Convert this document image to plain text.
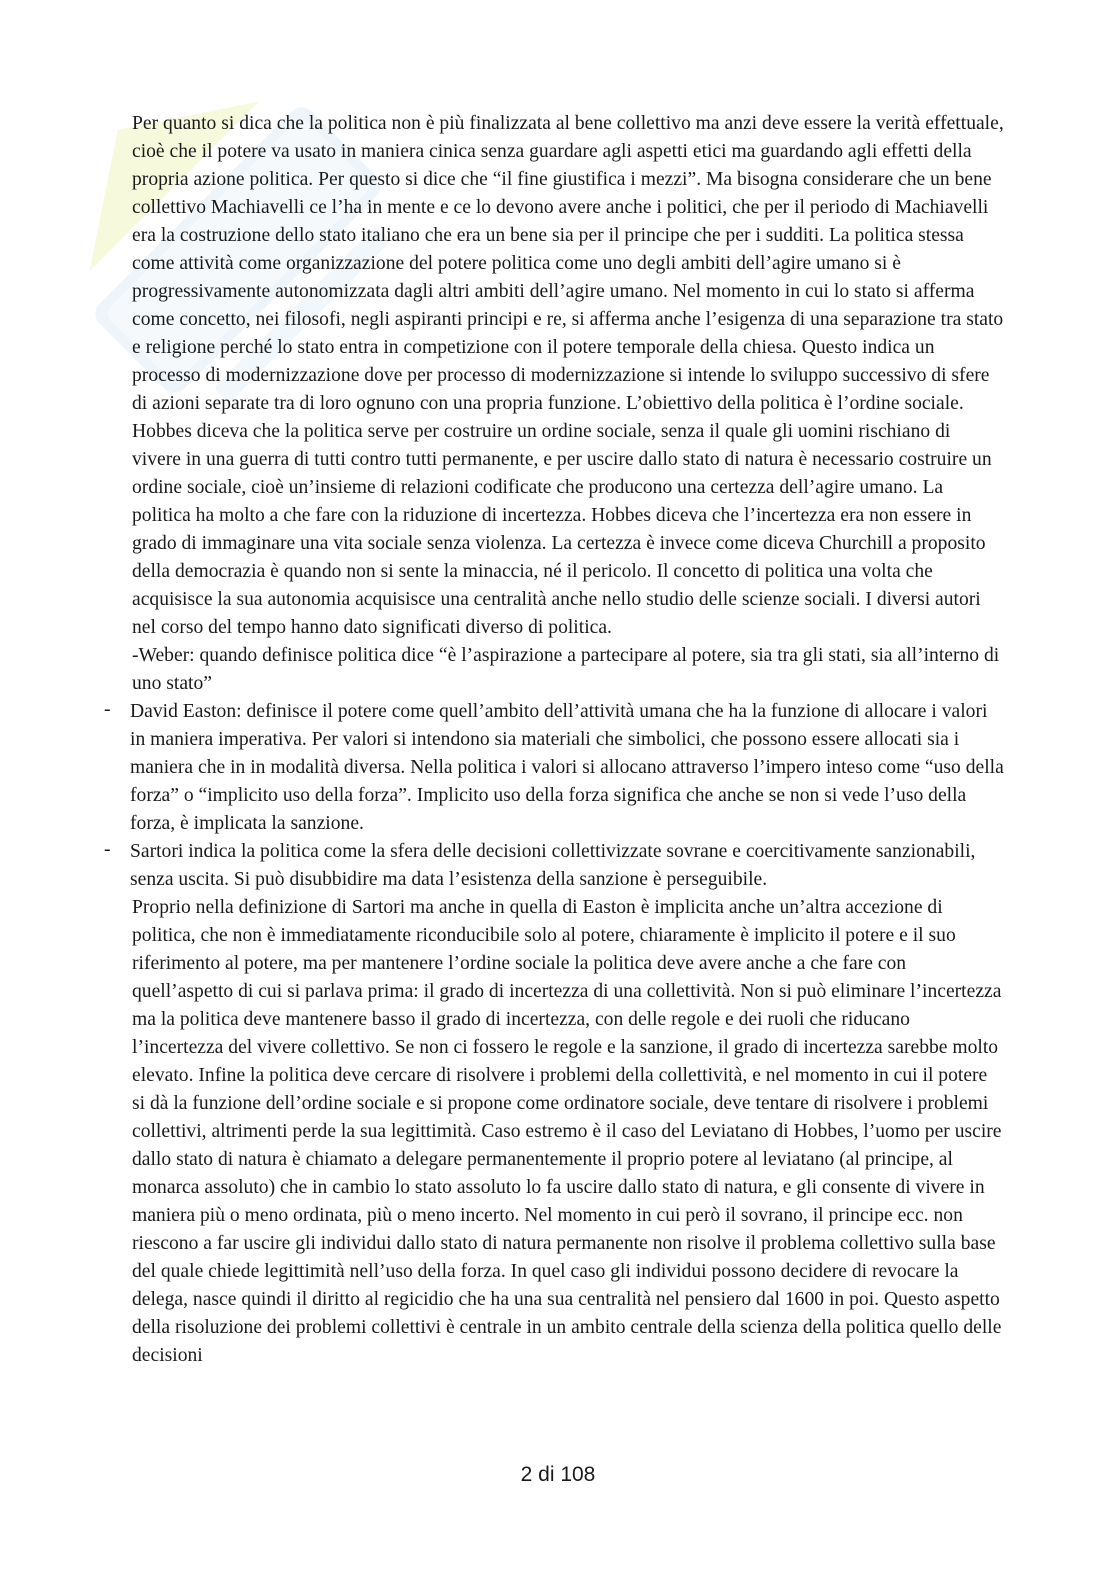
Per quanto si dica che la politica non è più finalizzata al bene collettivo ma anzi deve essere la verità effettuale, cioè che il potere va usato in maniera cinica senza guardare agli aspetti etici ma guardando agli effetti della propria azione politica. Per questo si dice che “il fine giustifica i mezzi”. Ma bisogna considerare che un bene collettivo Machiavelli ce l’ha in mente e ce lo devono avere anche i politici, che per il periodo di Machiavelli era la costruzione dello stato italiano che era un bene sia per il principe che per i sudditi. La politica stessa come attività come organizzazione del potere politica come uno degli ambiti dell’agire umano si è progressivamente autonomizzata dagli altri ambiti dell’agire umano. Nel momento in cui lo stato si afferma come concetto, nei filosofi, negli aspiranti principi e re, si afferma anche l’esigenza di una separazione tra stato e religione perché lo stato entra in competizione con il potere temporale della chiesa. Questo indica un processo di modernizzazione dove per processo di modernizzazione si intende lo sviluppo successivo di sfere di azioni separate tra di loro ognuno con una propria funzione. L’obiettivo della politica è l’ordine sociale. Hobbes diceva che la politica serve per costruire un ordine sociale, senza il quale gli uomini rischiano di vivere in una guerra di tutti contro tutti permanente, e per uscire dallo stato di natura è necessario costruire un ordine sociale, cioè un’insieme di relazioni codificate che producono una certezza dell’agire umano. La politica ha molto a che fare con la riduzione di incertezza. Hobbes diceva che l’incertezza era non essere in grado di immaginare una vita sociale senza violenza. La certezza è invece come diceva Churchill a proposito della democrazia è quando non si sente la minaccia, né il pericolo. Il concetto di politica una volta che acquisisce la sua autonomia acquisisce una centralità anche nello studio delle scienze sociali. I diversi autori nel corso del tempo hanno dato significati diverso di politica.

-Weber: quando definisce politica dice “è l’aspirazione a partecipare al potere, sia tra gli stati, sia all’interno di uno stato”

- David Easton: definisce il potere come quell’ambito dell’attività umana che ha la funzione di allocare i valori in maniera imperativa. Per valori si intendono sia materiali che simbolici, che possono essere allocati sia i maniera che in in modalità diversa. Nella politica i valori si allocano attraverso l’impero inteso come “uso della forza” o “implicito uso della forza”. Implicito uso della forza significa che anche se non si vede l’uso della forza, è implicata la sanzione.
- Sartori indica la politica come la sfera delle decisioni collettivizzate sovrane e coercitivamente sanzionabili, senza uscita. Si può disubbidire ma data l’esistenza della sanzione è perseguibile.

Proprio nella definizione di Sartori ma anche in quella di Easton è implicita anche un’altra accezione di politica, che non è immediatamente riconducibile solo al potere, chiaramente è implicito il potere e il suo riferimento al potere, ma per mantenere l’ordine sociale la politica deve avere anche a che fare con quell’aspetto di cui si parlava prima: il grado di incertezza di una collettività. Non si può eliminare l’incertezza ma la politica deve mantenere basso il grado di incertezza, con delle regole e dei ruoli che riducano l’incertezza del vivere collettivo. Se non ci fossero le regole e la sanzione, il grado di incertezza sarebbe molto elevato. Infine la politica deve cercare di risolvere i problemi della collettività, e nel momento in cui il potere si dà la funzione dell’ordine sociale e si propone come ordinatore sociale, deve tentare di risolvere i problemi collettivi, altrimenti perde la sua legittimità. Caso estremo è il caso del Leviatano di Hobbes, l’uomo per uscire dallo stato di natura è chiamato a delegare permanentemente il proprio potere al leviatano (al principe, al monarca assoluto) che in cambio lo stato assoluto lo fa uscire dallo stato di natura, e gli consente di vivere in maniera più o meno ordinata, più o meno incerto. Nel momento in cui però il sovrano, il principe ecc. non riescono a far uscire gli individui dallo stato di natura permanente non risolve il problema collettivo sulla base del quale chiede legittimità nell’uso della forza. In quel caso gli individui possono decidere di revocare la delega, nasce quindi il diritto al regicidio che ha una sua centralità nel pensiero dal 1600 in poi. Questo aspetto della risoluzione dei problemi collettivi è centrale in un ambito centrale della scienza della politica quello delle decisioni

2 di 108
